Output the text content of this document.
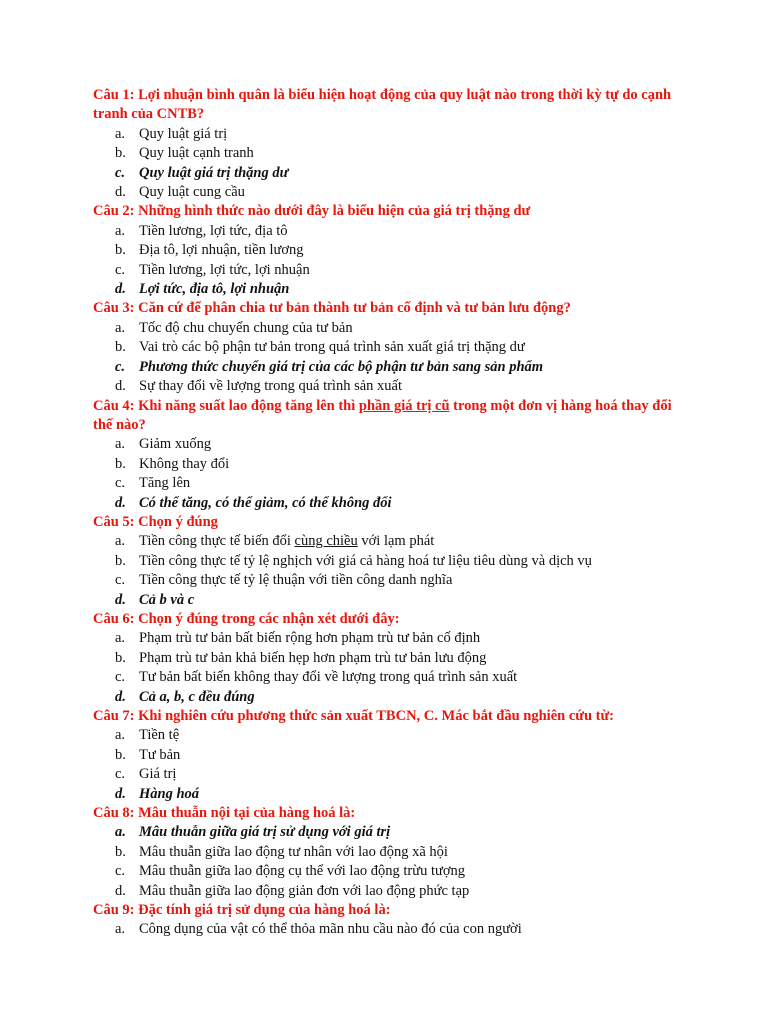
Câu 1: Lợi nhuận bình quân là biểu hiện hoạt động của quy luật nào trong thời kỳ tự do cạnh tranh của CNTB?
a. Quy luật giá trị
b. Quy luật cạnh tranh
c. Quy luật giá trị thặng dư
d. Quy luật cung cầu
Câu 2: Những hình thức nào dưới đây là biểu hiện của giá trị thặng dư
a. Tiền lương, lợi tức, địa tô
b. Địa tô, lợi nhuận, tiền lương
c. Tiền lương, lợi tức, lợi nhuận
d. Lợi tức, địa tô, lợi nhuận
Câu 3: Căn cứ để phân chia tư bản thành tư bản cố định và tư bản lưu động?
a. Tốc độ chu chuyển chung của tư bản
b. Vai trò các bộ phận tư bản trong quá trình sản xuất giá trị thặng dư
c. Phương thức chuyển giá trị của các bộ phận tư bản sang sản phẩm
d. Sự thay đổi về lượng trong quá trình sản xuất
Câu 4: Khi năng suất lao động tăng lên thì phần giá trị cũ trong một đơn vị hàng hoá thay đổi thế nào?
a. Giảm xuống
b. Không thay đổi
c. Tăng lên
d. Có thể tăng, có thể giảm, có thể không đổi
Câu 5: Chọn ý đúng
a. Tiền công thực tế biến đổi cùng chiều với lạm phát
b. Tiền công thực tế tỷ lệ nghịch với giá cả hàng hoá tư liệu tiêu dùng và dịch vụ
c. Tiền công thực tế tỷ lệ thuận với tiền công danh nghĩa
d. Cả b và c
Câu 6: Chọn ý đúng trong các nhận xét dưới đây:
a. Phạm trù tư bản bất biến rộng hơn phạm trù tư bản cố định
b. Phạm trù tư bản khả biến hẹp hơn phạm trù tư bản lưu động
c. Tư bản bất biến không thay đổi về lượng trong quá trình sản xuất
d. Cả a, b, c đều đúng
Câu 7: Khi nghiên cứu phương thức sản xuất TBCN, C. Mác bắt đầu nghiên cứu từ:
a. Tiền tệ
b. Tư bản
c. Giá trị
d. Hàng hoá
Câu 8: Mâu thuẫn nội tại của hàng hoá là:
a. Mâu thuẫn giữa giá trị sử dụng với giá trị
b. Mâu thuẫn giữa lao động tư nhân với lao động xã hội
c. Mâu thuẫn giữa lao động cụ thể với lao động trừu tượng
d. Mâu thuẫn giữa lao động giản đơn với lao động phức tạp
Câu 9: Đặc tính giá trị sử dụng của hàng hoá là:
a. Công dụng của vật có thể thỏa mãn nhu cầu nào đó của con người
